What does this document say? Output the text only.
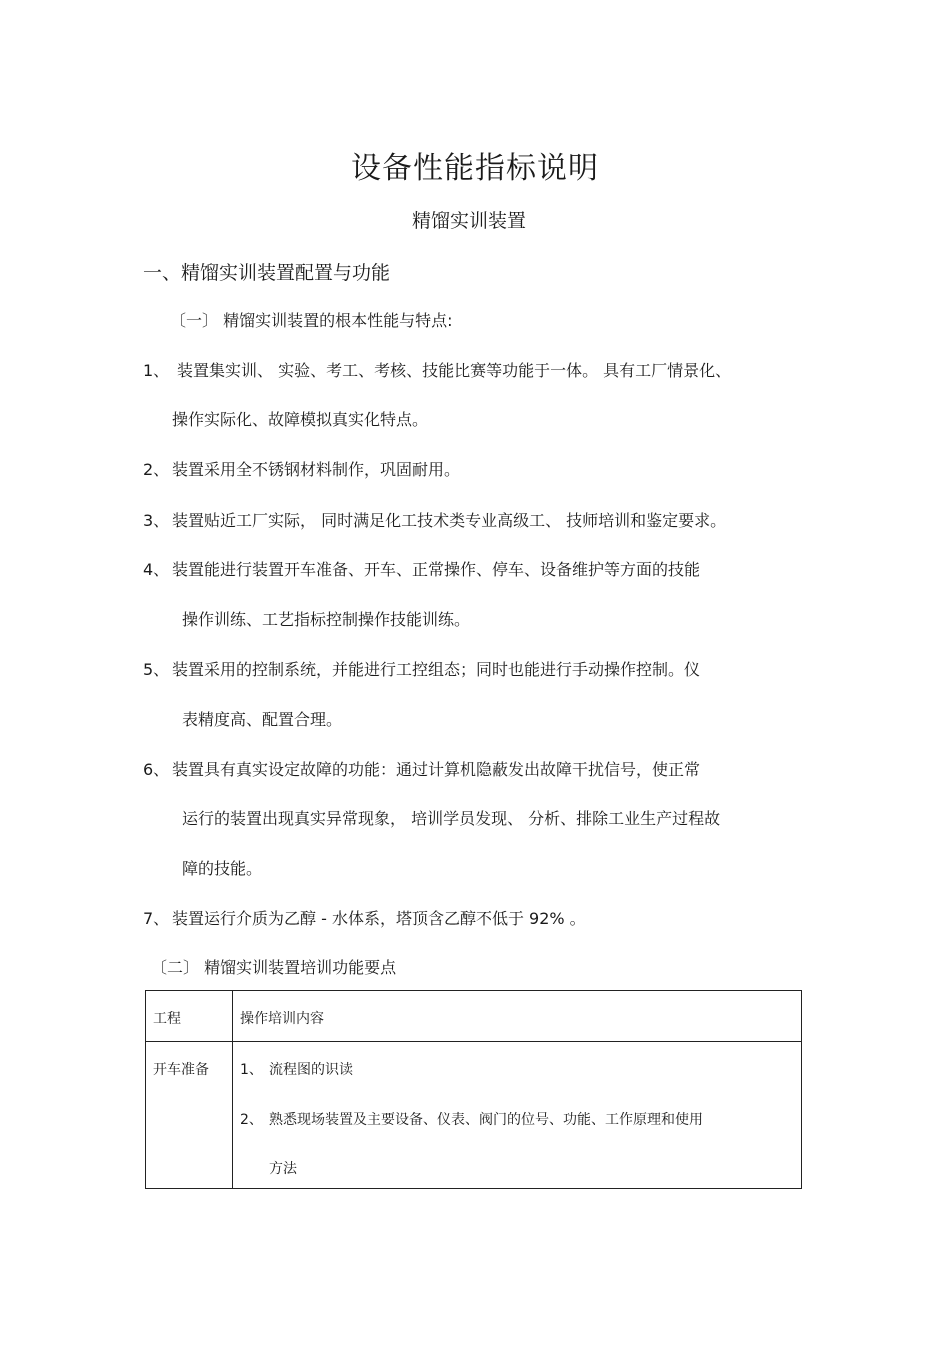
设备性能指标说明
精馏实训装置
一、精馏实训装置配置与功能
〔一〕 精馏实训装置的根本性能与特点:
1、 装置集实训、 实验、考工、考核、技能比赛等功能于一体。 具有工厂情景化、
操作实际化、故障模拟真实化特点。
2、 装置采用全不锈钢材料制作，巩固耐用。
3、 装置贴近工厂实际， 同时满足化工技术类专业高级工、 技师培训和鉴定要求。
4、 装置能进行装置开车准备、开车、正常操作、停车、设备维护等方面的技能
操作训练、工艺指标控制操作技能训练。
5、 装置采用的控制系统，并能进行工控组态；同时也能进行手动操作控制。仪
表精度高、配置合理。
6、 装置具有真实设定故障的功能：通过计算机隐蔽发出故障干扰信号，使正常
运行的装置出现真实异常现象， 培训学员发现、 分析、排除工业生产过程故
障的技能。
7、 装置运行介质为乙醇 - 水体系，塔顶含乙醇不低于 92% 。
〔二〕 精馏实训装置培训功能要点
工程	操作培训内容
开车准备 1、 流程图的识读
2、 熟悉现场装置及主要设备、仪表、阀门的位号、功能、工作原理和使用
方法
